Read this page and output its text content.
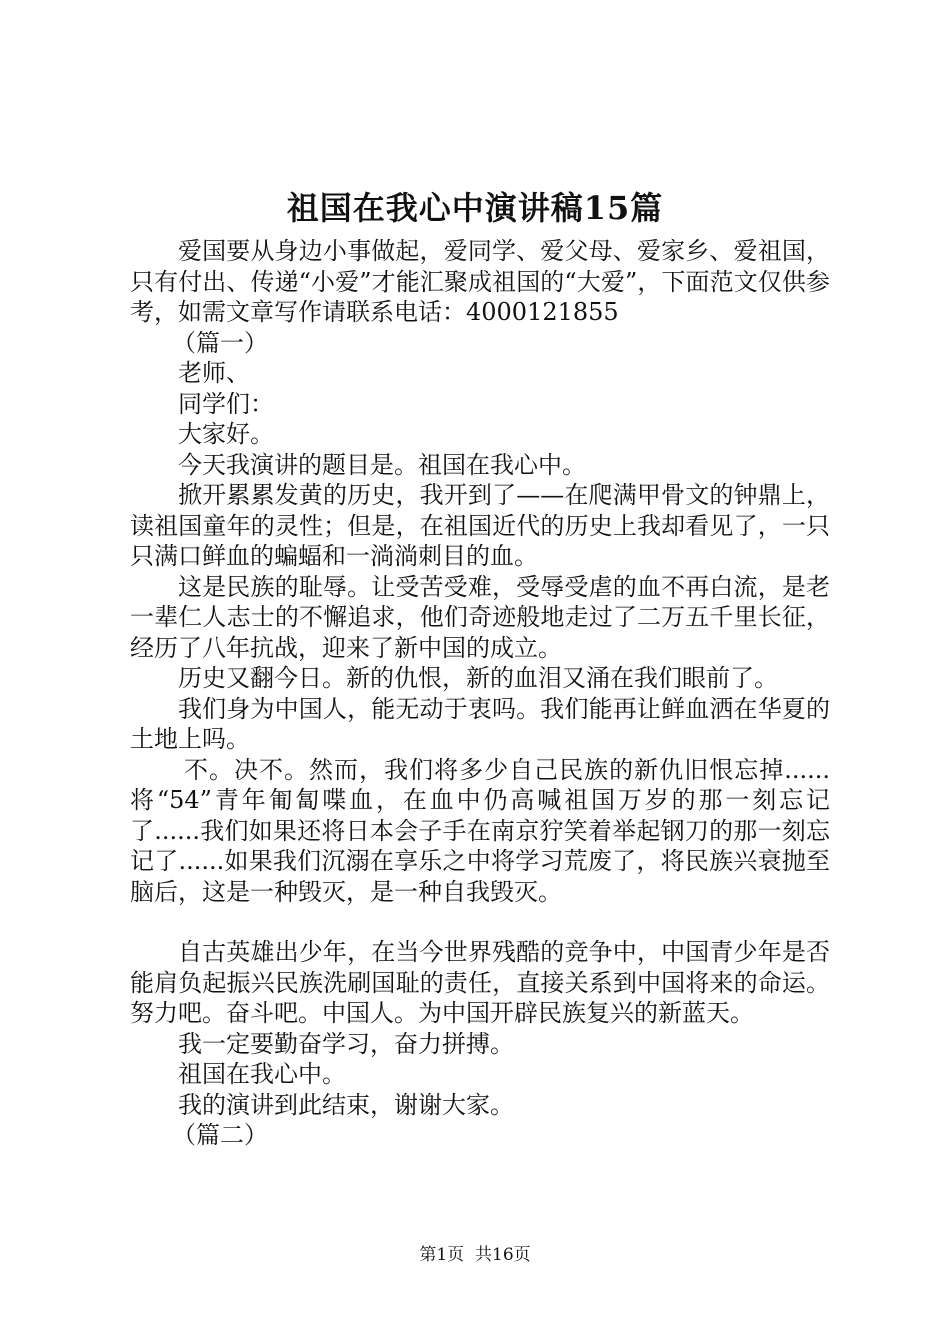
祖国在我心中演讲稿15篇

爱国要从身边小事做起，爱同学、爱父母、爱家乡、爱祖国，只有付出、传递“小爱”才能汇聚成祖国的“大爱”，下面范文仅供参考，如需文章写作请联系电话：4000121855

（篇一）

老师、

同学们：

大家好。

今天我演讲的题目是。祖国在我心中。

掀开累累发黄的历史，我开到了——在爬满甲骨文的钟鼎上，读祖国童年的灵性；但是，在祖国近代的历史上我却看见了，一只只满口鲜血的蝙蝠和一淌淌刺目的血。

这是民族的耻辱。让受苦受难，受辱受虐的血不再白流，是老一辈仁人志士的不懈追求，他们奇迹般地走过了二万五千里长征，经历了八年抗战，迎来了新中国的成立。

历史又翻今日。新的仇恨，新的血泪又涌在我们眼前了。

我们身为中国人，能无动于衷吗。我们能再让鲜血洒在华夏的土地上吗。

不。决不。然而，我们将多少自己民族的新仇旧恨忘掉......将“54”青年匍匐喋血，在血中仍高喊祖国万岁的那一刻忘记了......我们如果还将日本会子手在南京狞笑着举起钢刀的那一刻忘记了......如果我们沉溺在享乐之中将学习荒废了，将民族兴衰抛至脑后，这是一种毁灭，是一种自我毁灭。

自古英雄出少年，在当今世界残酷的竞争中，中国青少年是否能肩负起振兴民族洗刷国耻的责任，直接关系到中国将来的命运。努力吧。奋斗吧。中国人。为中国开辟民族复兴的新蓝天。

我一定要勤奋学习，奋力拼搏。

祖国在我心中。

我的演讲到此结束，谢谢大家。

（篇二）

第1页 共16页
